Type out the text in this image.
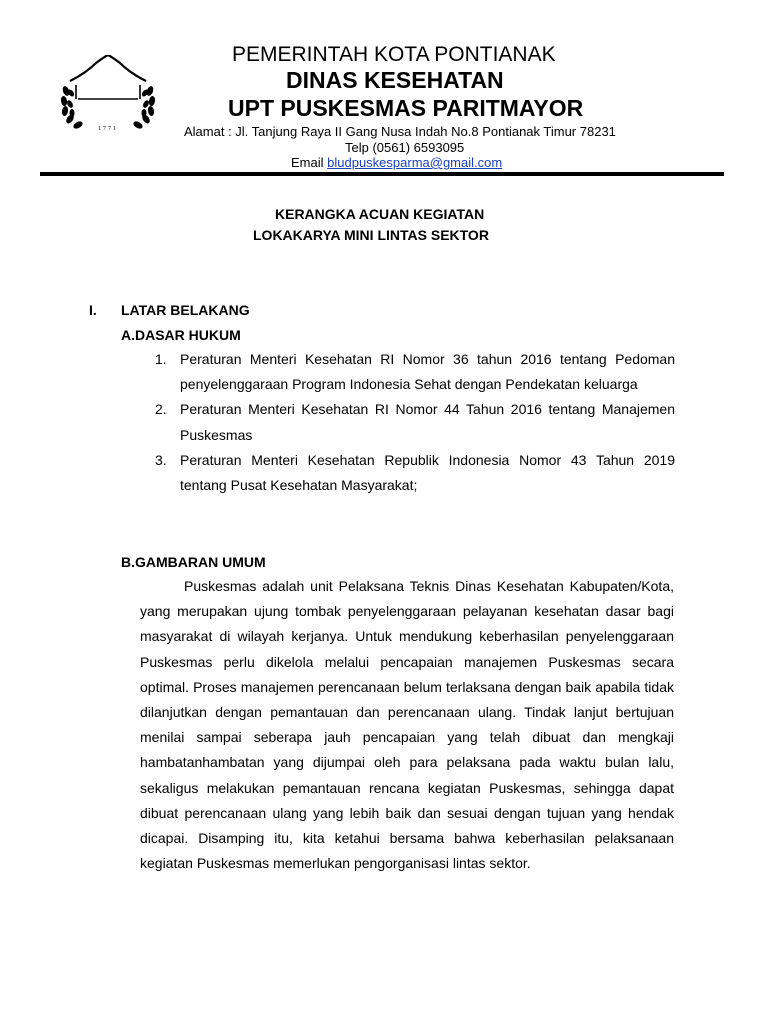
1771
PEMERINTAH KOTA PONTIANAK
DINAS KESEHATAN
UPT PUSKESMAS PARITMAYOR
Alamat : Jl. Tanjung Raya II Gang Nusa Indah No.8 Pontianak Timur 78231
Telp (0561) 6593095
Email bludpuskesparma@gmail.com
KERANGKA ACUAN KEGIATAN
LOKAKARYA MINI LINTAS SEKTOR
I. LATAR BELAKANG
A.DASAR HUKUM
1. Peraturan Menteri Kesehatan RI Nomor 36 tahun 2016 tentang Pedoman penyelenggaraan Program Indonesia Sehat dengan Pendekatan keluarga
2. Peraturan Menteri Kesehatan RI Nomor 44 Tahun 2016 tentang Manajemen Puskesmas
3. Peraturan Menteri Kesehatan Republik Indonesia Nomor 43 Tahun 2019 tentang Pusat Kesehatan Masyarakat;
B.GAMBARAN UMUM
Puskesmas adalah unit Pelaksana Teknis Dinas Kesehatan Kabupaten/Kota, yang merupakan ujung tombak penyelenggaraan pelayanan kesehatan dasar bagi masyarakat di wilayah kerjanya. Untuk mendukung keberhasilan penyelenggaraan Puskesmas perlu dikelola melalui pencapaian manajemen Puskesmas secara optimal. Proses manajemen perencanaan belum terlaksana dengan baik apabila tidak dilanjutkan dengan pemantauan dan perencanaan ulang. Tindak lanjut bertujuan menilai sampai seberapa jauh pencapaian yang telah dibuat dan mengkaji hambatanhambatan yang dijumpai oleh para pelaksana pada waktu bulan lalu, sekaligus melakukan pemantauan rencana kegiatan Puskesmas, sehingga dapat dibuat perencanaan ulang yang lebih baik dan sesuai dengan tujuan yang hendak dicapai. Disamping itu, kita ketahui bersama bahwa keberhasilan pelaksanaan kegiatan Puskesmas memerlukan pengorganisasi lintas sektor.
